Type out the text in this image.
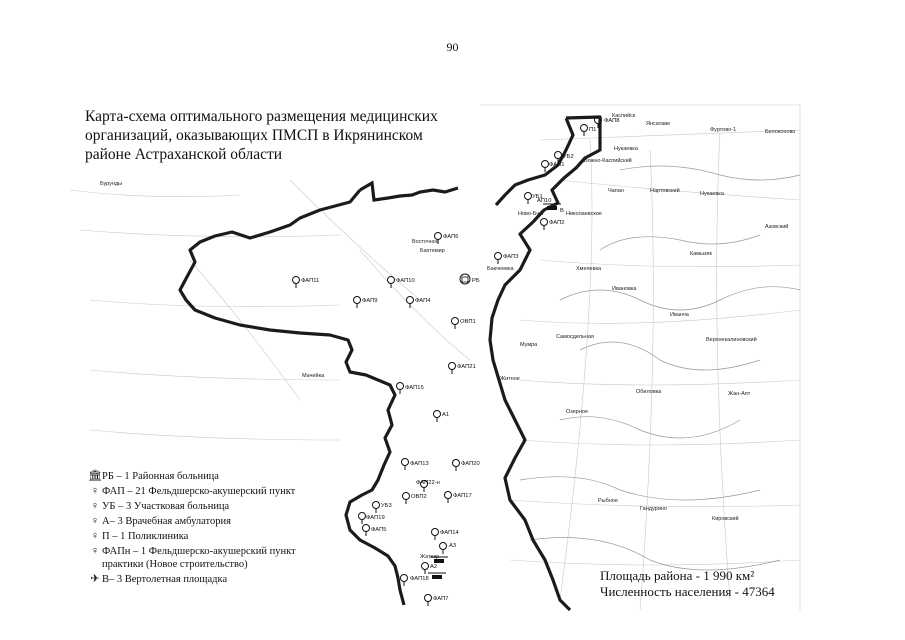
90
ФАП8
П1
УБ2
ФАП1
УБ1
АП10
ФАП2
ФАП3
РБ
ФАП6
ФАП11	ФАП10
ФАП9	ФАП4
ОВП1
ФАП21
ФАП15
А1
ФАП13	ФАП20
ФАП22-н
ОВП2	ФАП17
УБ3
ФАП19
ФАП5	ФАП14
А3
А2
ФАП18
ФАП7
В
Каспийск
Янсатаве
Фуртово-1	Белоконово
Нукаевка
Вожно-Каспийский
Чапан	Нартовский	Нукаевка
Николаевское
Азовский
Ново-Булг
Камызяк
Восточное
Бахтемир
Бакчеевка	Хмелевка
Ивановка
Иванча
Самосдельная	Верхнекалиновский
Мумра
Житное
Жан-Апт
Обиловка
Озерное
Рыбное
Гандурино
Кировский
Бурунды
Мачейка
Жаткар
Карта-схема оптимального размещения медицинских
организаций, оказывающих ПМСП в Икрянинском
районе Астраханской области
🏛 РБ – 1 Районная больница
♀ ФАП – 21 Фельдшерско-акушерский пункт
♀ УБ – 3 Участковая больница
♀ А– 3 Врачебная амбулатория
♀ П – 1 Поликлиника
♀ ФАПн – 1 Фельдшерско-акушерский пункт практики (Новое строительство)
✈ В– 3 Вертолетная площадка	Площадь района - 1 990 км²
Численность населения - 47364
